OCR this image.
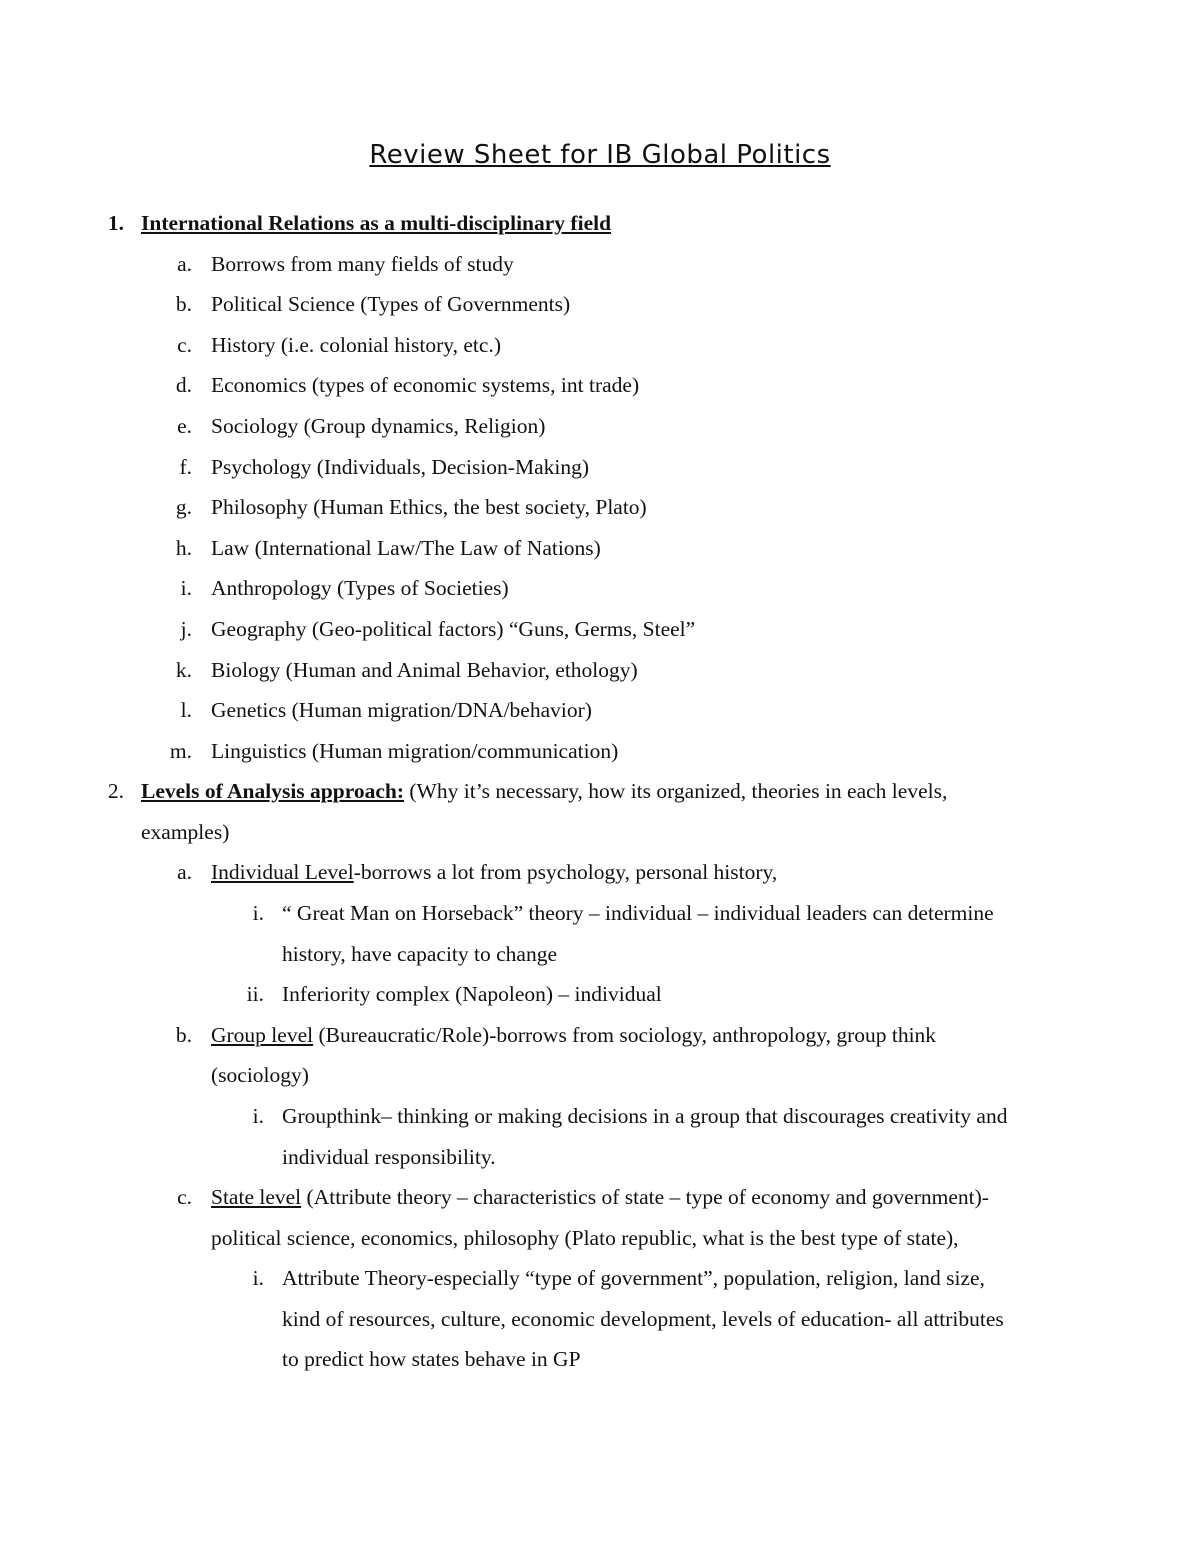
Review Sheet for IB Global Politics
1. International Relations as a multi-disciplinary field
a. Borrows from many fields of study
b. Political Science (Types of Governments)
c. History (i.e. colonial history, etc.)
d. Economics (types of economic systems, int trade)
e. Sociology (Group dynamics, Religion)
f. Psychology (Individuals, Decision-Making)
g. Philosophy (Human Ethics, the best society, Plato)
h. Law (International Law/The Law of Nations)
i. Anthropology (Types of Societies)
j. Geography (Geo-political factors) “Guns, Germs, Steel”
k. Biology (Human and Animal Behavior, ethology)
l. Genetics (Human migration/DNA/behavior)
m. Linguistics (Human migration/communication)
2. Levels of Analysis approach: (Why it’s necessary, how its organized, theories in each levels,
examples)
a. Individual Level-borrows a lot from psychology, personal history,
i. “ Great Man on Horseback” theory – individual – individual leaders can determine
history, have capacity to change
ii. Inferiority complex (Napoleon) – individual
b. Group level (Bureaucratic/Role)-borrows from sociology, anthropology, group think
(sociology)
i. Groupthink– thinking or making decisions in a group that discourages creativity and
individual responsibility.
c. State level (Attribute theory – characteristics of state – type of economy and government)-
political science, economics, philosophy (Plato republic, what is the best type of state),
i. Attribute Theory-especially “type of government”, population, religion, land size,
kind of resources, culture, economic development, levels of education- all attributes
to predict how states behave in GP
